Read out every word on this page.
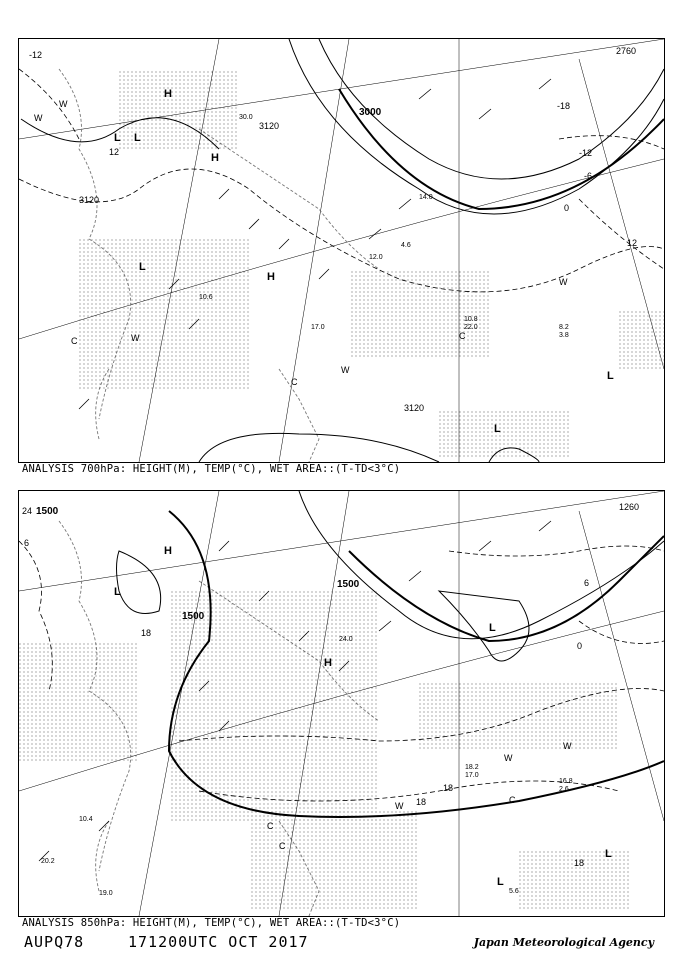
3120
3000
2760
3120
3120
-12
-12
-18
-6
0
12
12
H
H
H
L
L
L
L
L
W
W
W
W
C
C
C
W
10.8
22.0	8.2
3.8
10.6
12.0
30.0
14.0
4.6
17.0
ANALYSIS 700hPa: HEIGHT(M), TEMP(°C), WET AREA::(T-TD<3°C)
1500
1500
1500
1260
24
18
18
18
18
0
6
6
H
L
L
H
L
L
W
W
W
C
C
C
16.8
2.6
18.2
17.0
20.2
5.6
10.4
24.0
19.0
ANALYSIS 850hPa: HEIGHT(M), TEMP(°C), WET AREA::(T-TD<3°C)
AUPQ78	171200UTC OCT 2017	Japan Meteorological Agency
